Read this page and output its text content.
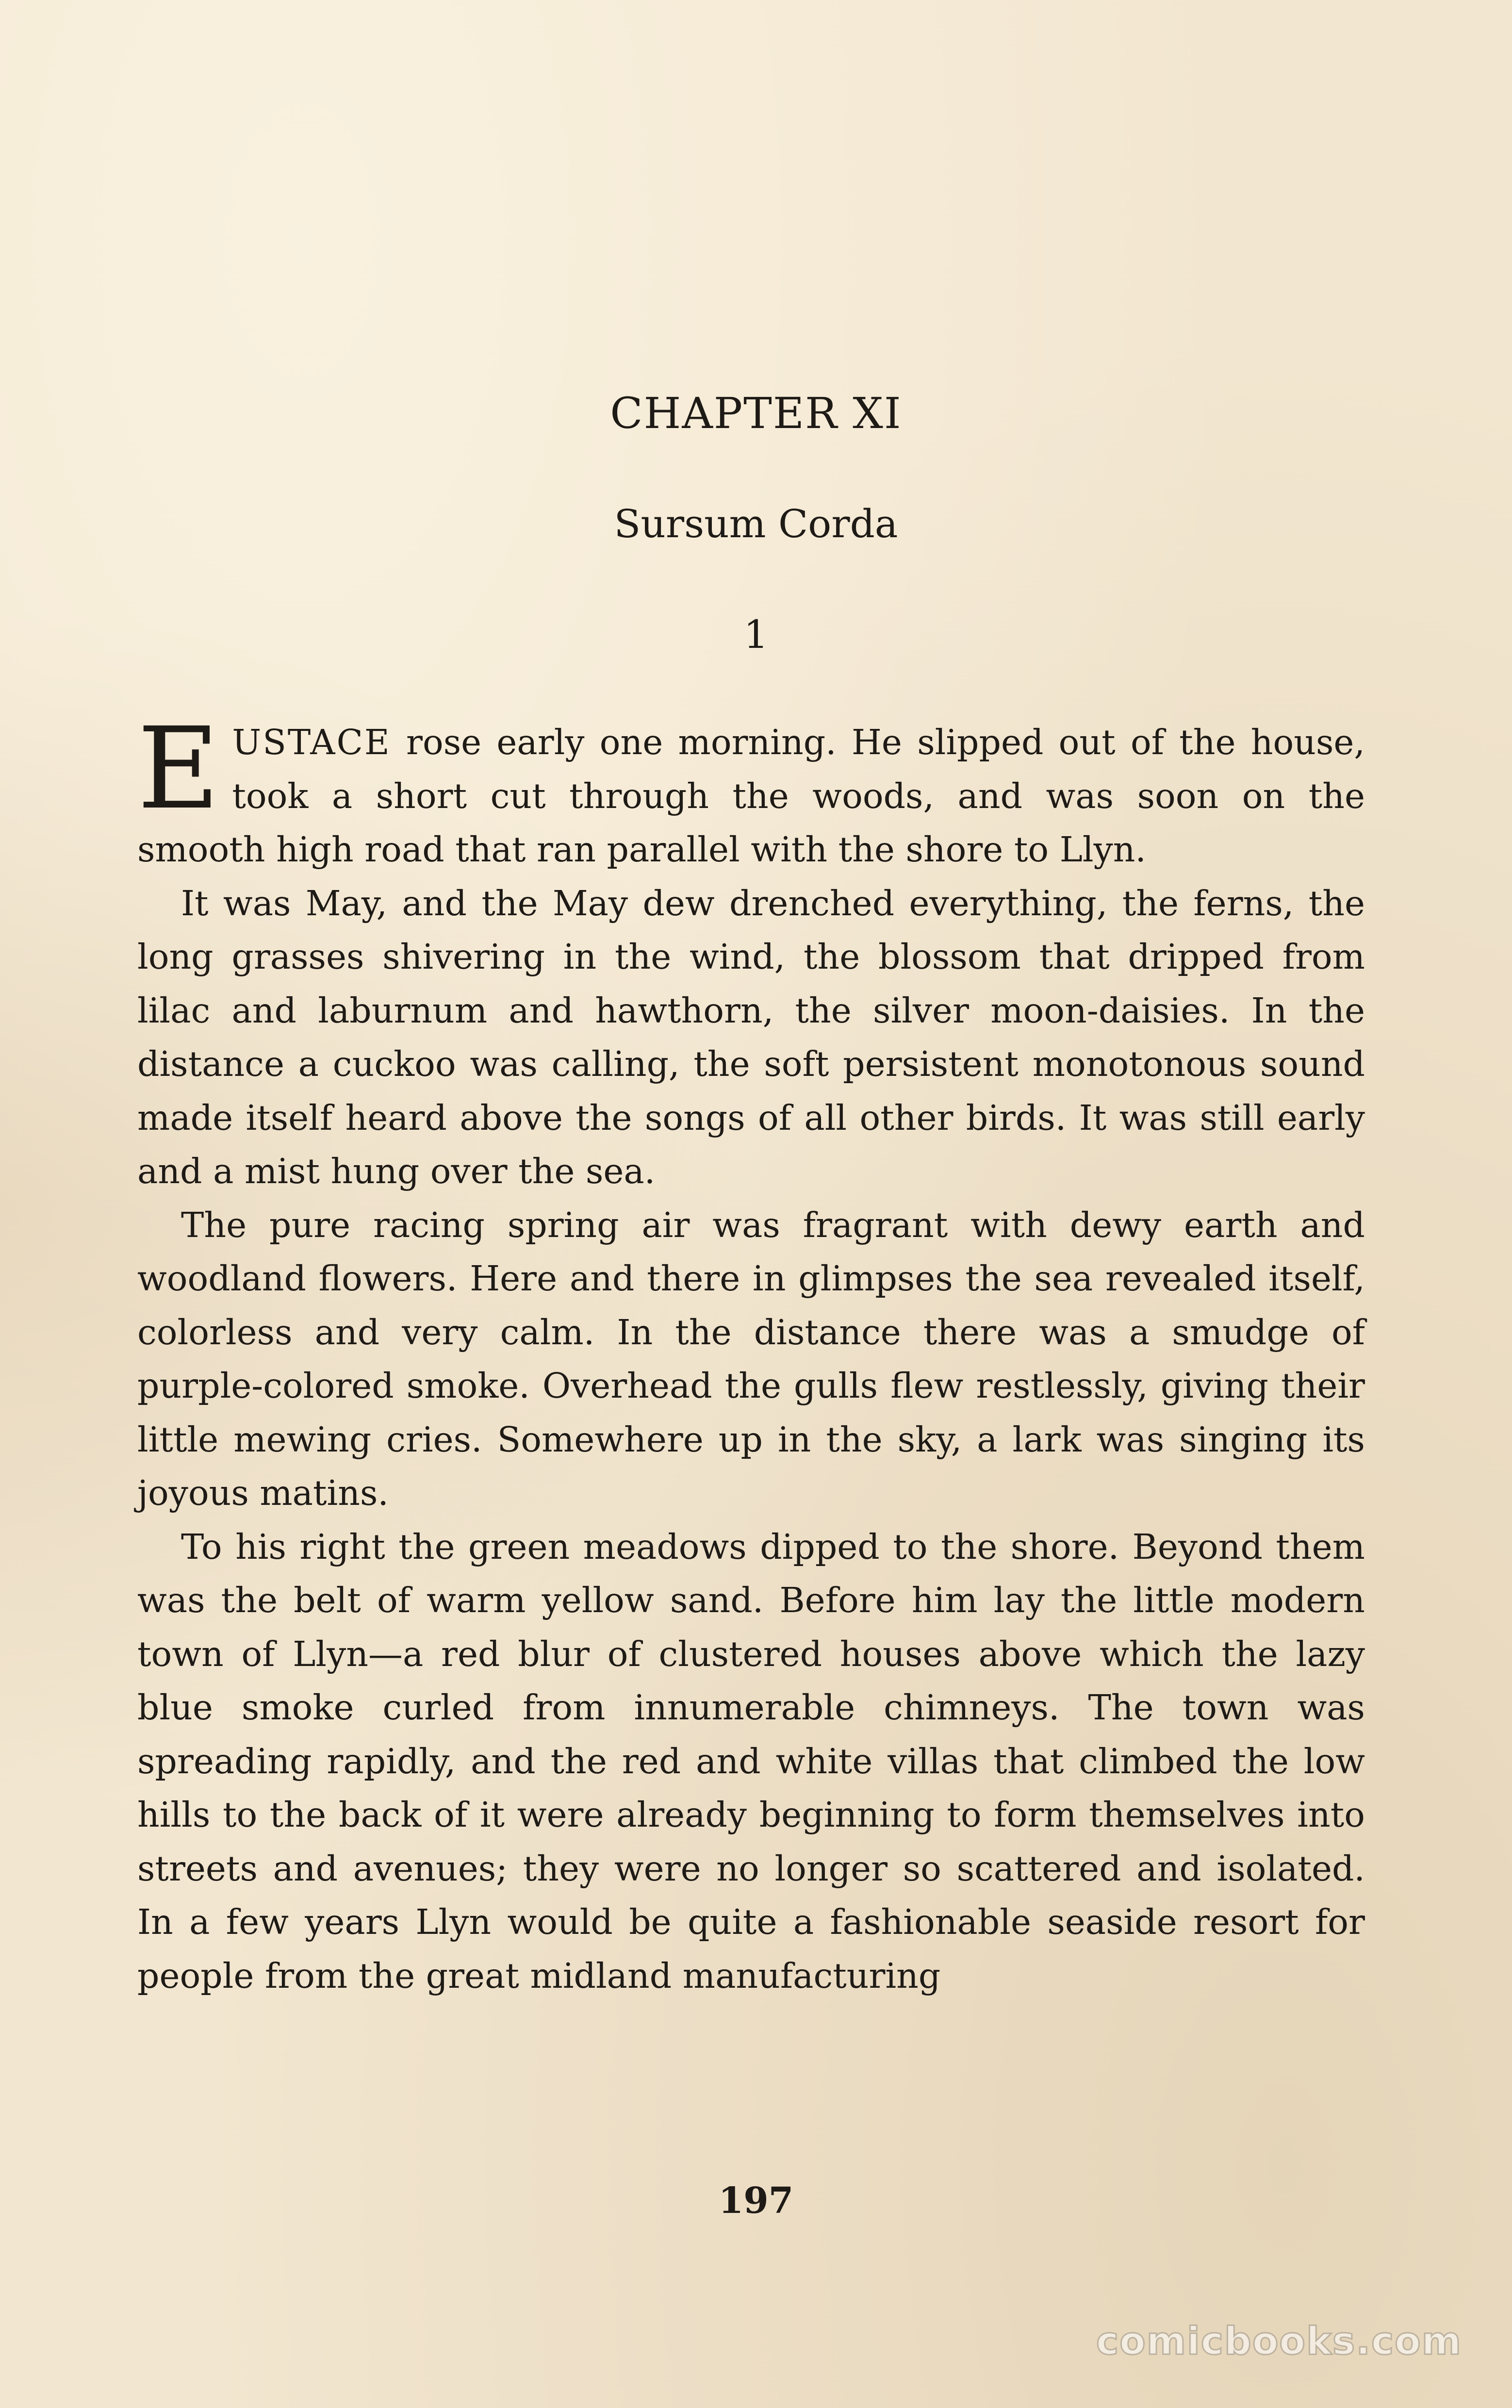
CHAPTER XI
Sursum Corda
1

EUSTACE rose early one morning. He slipped out of the house, took a short cut through the woods, and was soon on the smooth high road that ran parallel with the shore to Llyn.

It was May, and the May dew drenched everything, the ferns, the long grasses shivering in the wind, the blossom that dripped from lilac and laburnum and hawthorn, the silver moon-daisies. In the distance a cuckoo was calling, the soft persistent monotonous sound made itself heard above the songs of all other birds. It was still early and a mist hung over the sea.

The pure racing spring air was fragrant with dewy earth and woodland flowers. Here and there in glimpses the sea revealed itself, colorless and very calm. In the distance there was a smudge of purple-colored smoke. Overhead the gulls flew restlessly, giving their little mewing cries. Somewhere up in the sky, a lark was singing its joyous matins.

To his right the green meadows dipped to the shore. Beyond them was the belt of warm yellow sand. Before him lay the little modern town of Llyn—a red blur of clustered houses above which the lazy blue smoke curled from innumerable chimneys. The town was spreading rapidly, and the red and white villas that climbed the low hills to the back of it were already beginning to form themselves into streets and avenues; they were no longer so scattered and isolated. In a few years Llyn would be quite a fashionable seaside resort for people from the great midland manufacturing

197
comicbooks.com
